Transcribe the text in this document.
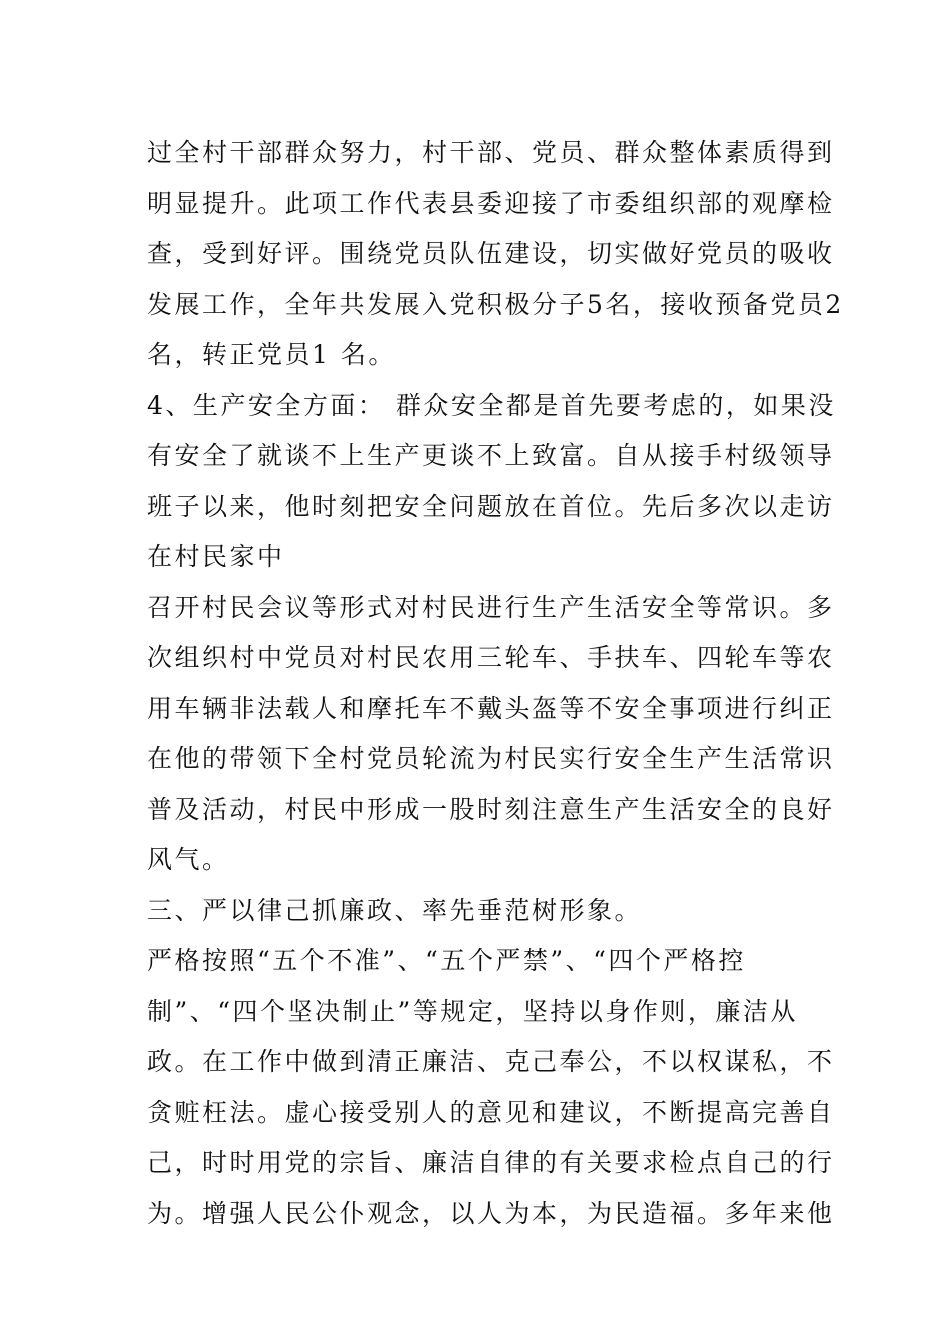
过全村干部群众努力，村干部、党员、群众整体素质得到
明显提升。此项工作代表县委迎接了市委组织部的观摩检
查，受到好评。围绕党员队伍建设，切实做好党员的吸收
发展工作，全年共发展入党积极分子5名，接收预备党员2
名，转正党员1 名。
4、生产安全方面： 群众安全都是首先要考虑的，如果没
有安全了就谈不上生产更谈不上致富。自从接手村级领导
班子以来，他时刻把安全问题放在首位。先后多次以走访
在村民家中
召开村民会议等形式对村民进行生产生活安全等常识。多
次组织村中党员对村民农用三轮车、手扶车、四轮车等农
用车辆非法载人和摩托车不戴头盔等不安全事项进行纠正
在他的带领下全村党员轮流为村民实行安全生产生活常识
普及活动，村民中形成一股时刻注意生产生活安全的良好
风气。
三、严以律己抓廉政、率先垂范树形象。
严格按照“五个不准”、“五个严禁”、“四个严格控
制”、“四个坚决制止”等规定，坚持以身作则，廉洁从
政。在工作中做到清正廉洁、克己奉公，不以权谋私，不
贪赃枉法。虚心接受别人的意见和建议，不断提高完善自
己，时时用党的宗旨、廉洁自律的有关要求检点自己的行
为。增强人民公仆观念，以人为本，为民造福。多年来他
